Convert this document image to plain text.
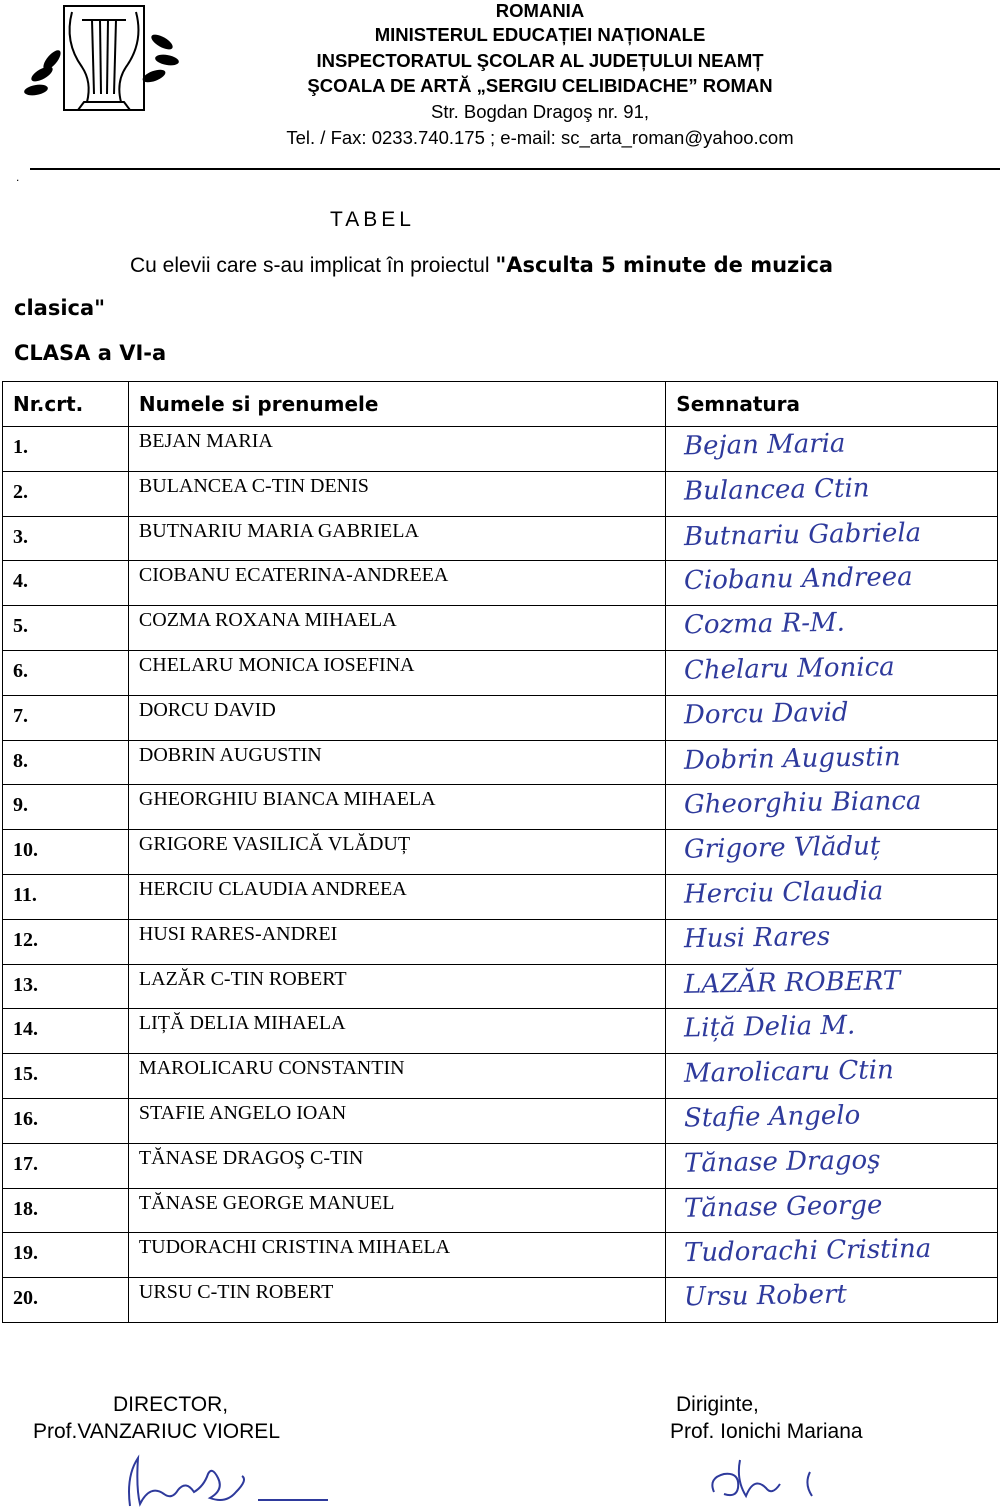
ROMANIA
MINISTERUL EDUCAȚIEI NAȚIONALE
INSPECTORATUL ŞCOLAR AL JUDEȚULUI NEAMȚ
ŞCOALA DE ARTĂ „SERGIU CELIBIDACHE” ROMAN
Str. Bogdan Dragoş nr. 91,
Tel. / Fax: 0233.740.175 ; e-mail: sc_arta_roman@yahoo.com
.
TABEL
Cu elevii care s-au implicat în proiectul "Asculta 5 minute de muzica
clasica"
CLASA a VI-a
Nr.crt.	Numele si prenumele	Semnatura
1.	BEJAN MARIA	Bejan Maria

2.	BULANCEA C-TIN DENIS	Bulancea Ctin

3.	BUTNARIU MARIA GABRIELA	Butnariu Gabriela

4.	CIOBANU ECATERINA-ANDREEA	Ciobanu Andreea

5.	COZMA ROXANA MIHAELA	Cozma R-M.

6.	CHELARU MONICA IOSEFINA	Chelaru Monica

7.	DORCU DAVID	Dorcu David

8.	DOBRIN AUGUSTIN	Dobrin Augustin

9.	GHEORGHIU BIANCA MIHAELA	Gheorghiu Bianca

10.	GRIGORE VASILICĂ VLĂDUȚ	Grigore Vlăduț

11.	HERCIU CLAUDIA ANDREEA	Herciu Claudia

12.	HUSI RARES-ANDREI	Husi Rares

13.	LAZĂR C-TIN ROBERT	LAZĂR ROBERT

14.	LIȚĂ DELIA MIHAELA	Liță Delia M.

15.	MAROLICARU CONSTANTIN	Marolicaru Ctin

16.	STAFIE ANGELO IOAN	Stafie Angelo

17.	TĂNASE DRAGOŞ C-TIN	Tănase Dragoş

18.	TĂNASE GEORGE MANUEL	Tănase George

19.	TUDORACHI CRISTINA MIHAELA	Tudorachi Cristina

20.	URSU C-TIN ROBERT	Ursu Robert
DIRECTOR,
Prof.VANZARIUC VIOREL
Diriginte,
Prof. Ionichi Mariana
